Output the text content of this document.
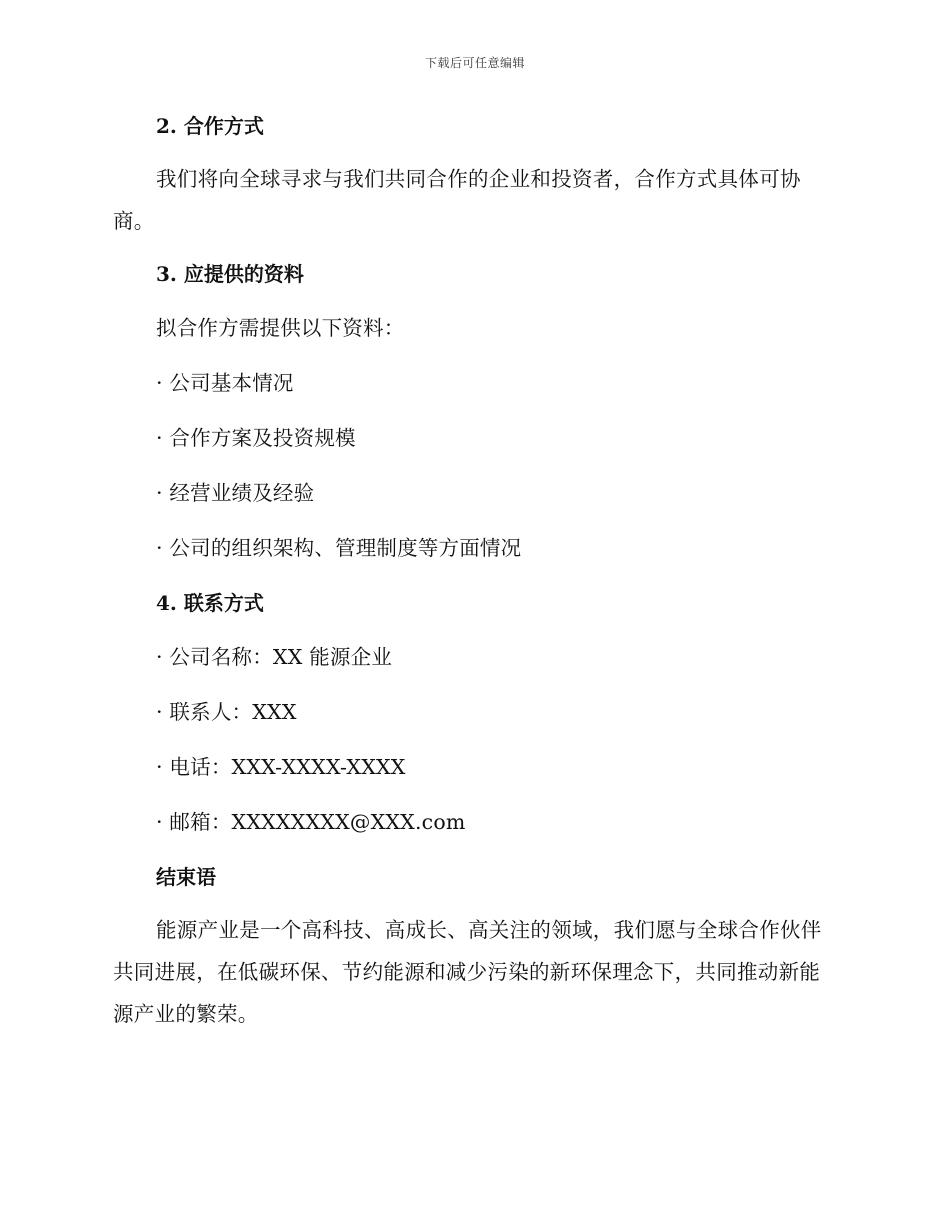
下载后可任意编辑
2. 合作方式

我们将向全球寻求与我们共同合作的企业和投资者，合作方式具体可协商。

3. 应提供的资料

拟合作方需提供以下资料：

· 公司基本情况

· 合作方案及投资规模

· 经营业绩及经验

· 公司的组织架构、管理制度等方面情况

4. 联系方式

· 公司名称：XX 能源企业

· 联系人：XXX

· 电话：XXX-XXXX-XXXX

· 邮箱：XXXXXXXX@XXX.com

结束语

能源产业是一个高科技、高成长、高关注的领域，我们愿与全球合作伙伴共同进展，在低碳环保、节约能源和减少污染的新环保理念下，共同推动新能源产业的繁荣。
